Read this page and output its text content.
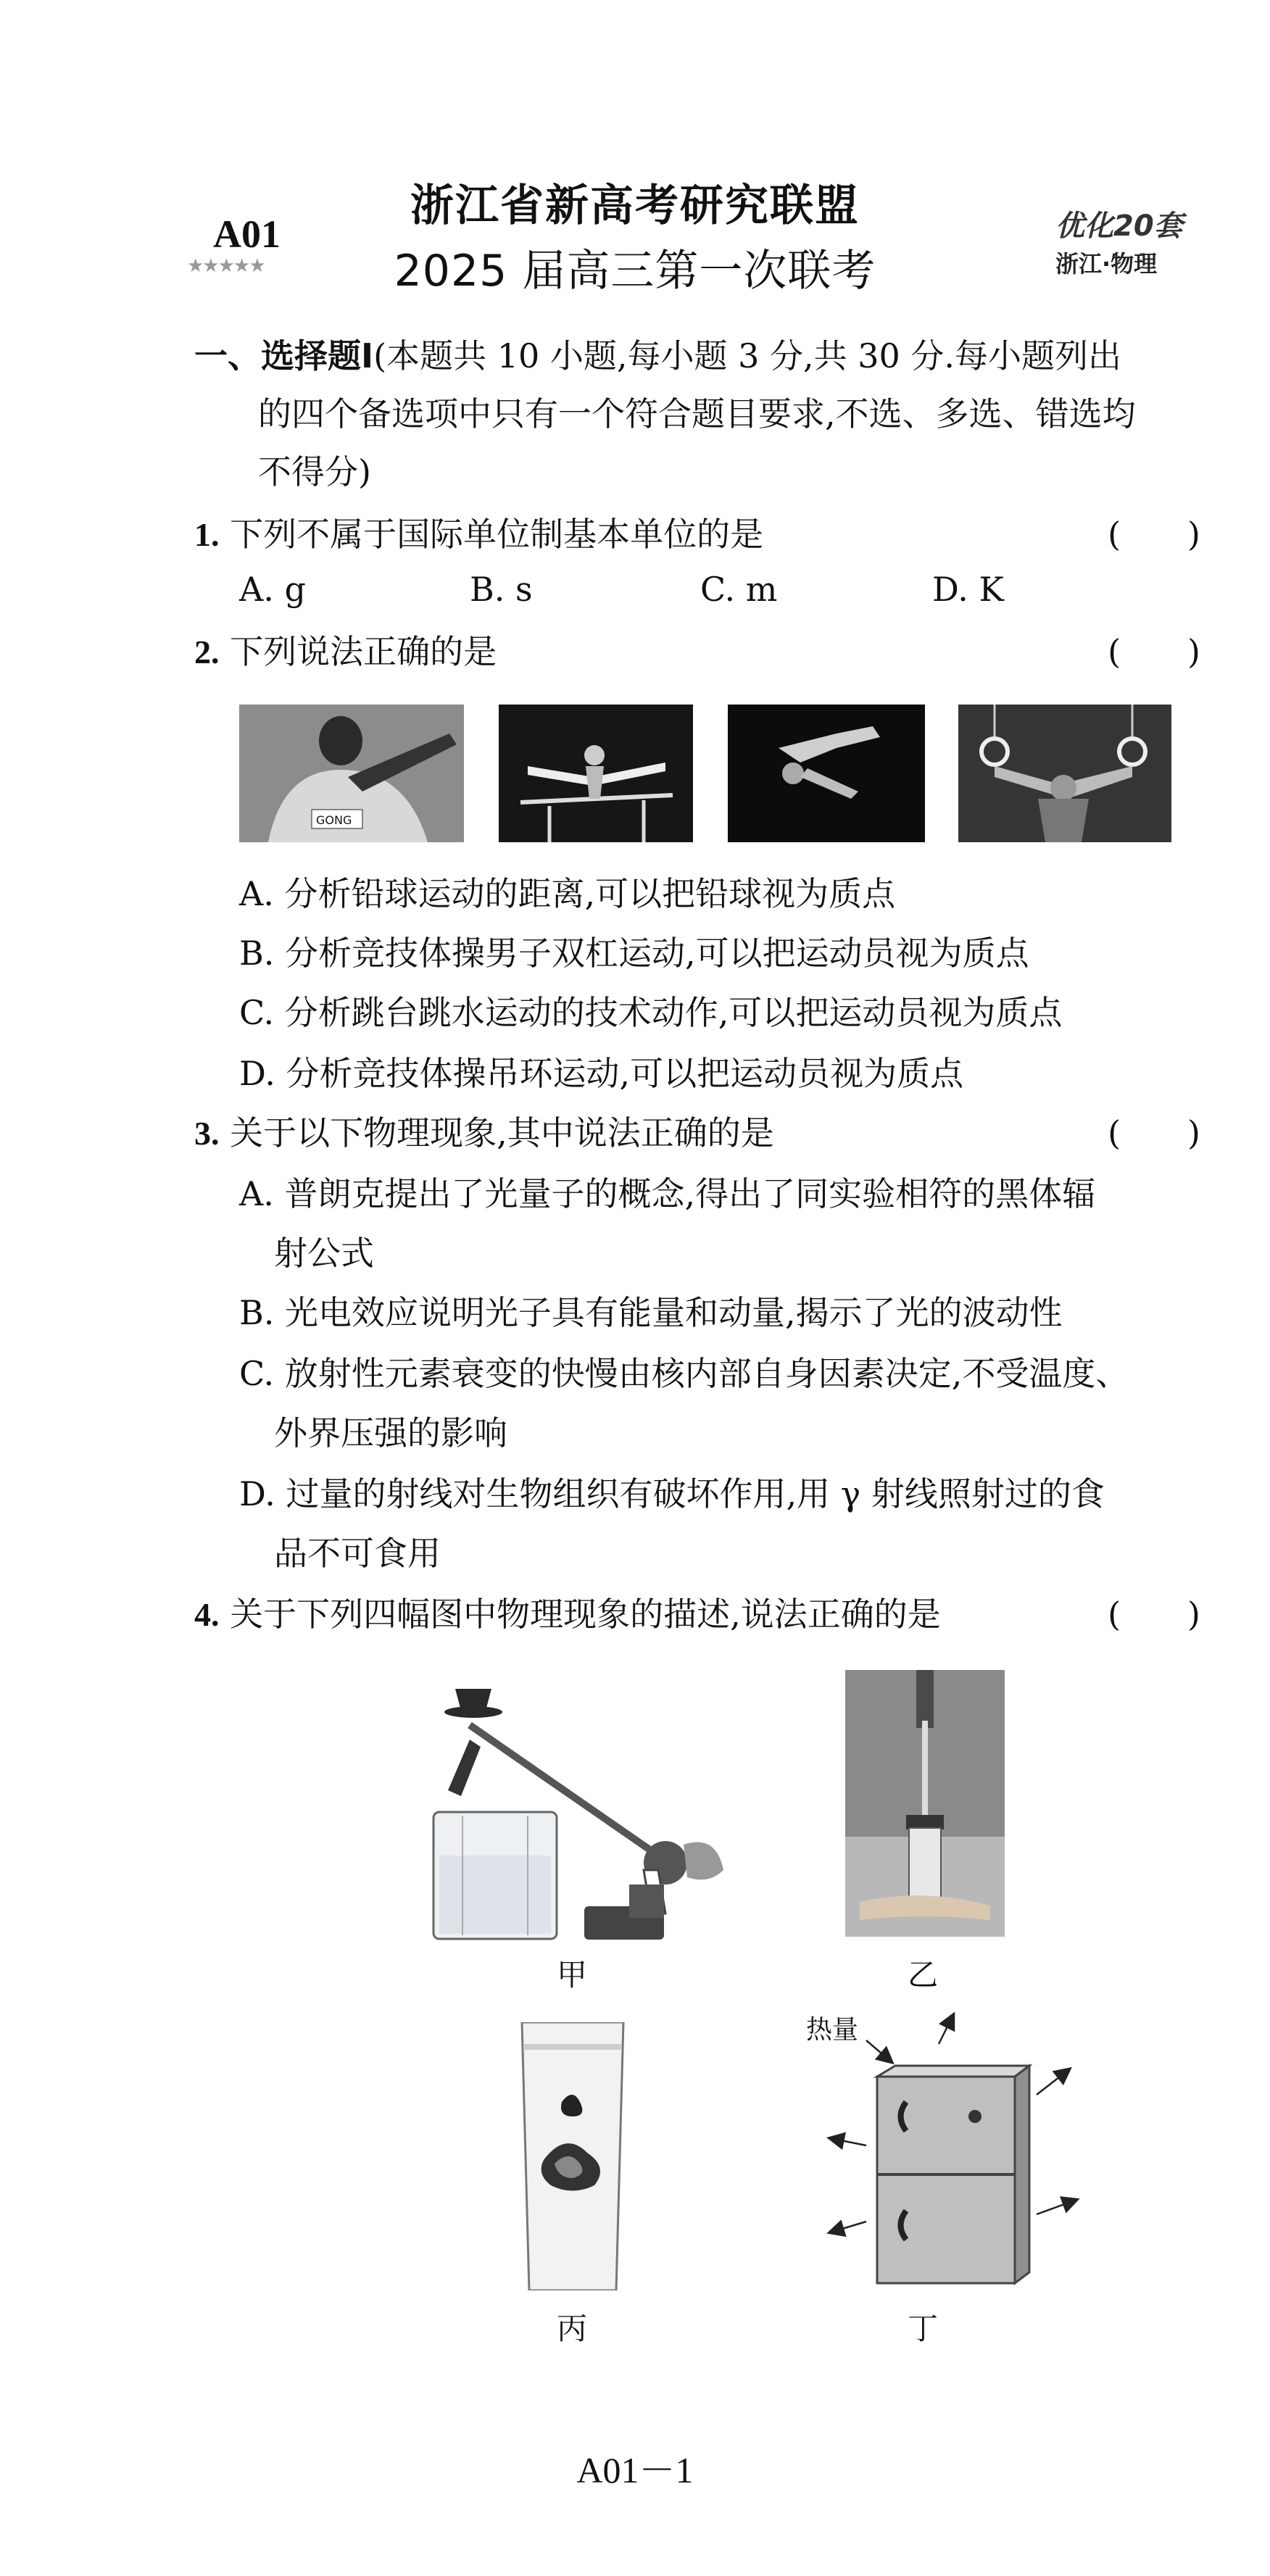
浙江省新高考研究联盟
2025 届高三第一次联考
A01
★★★★★
优化20套
浙江·物理
一、选择题Ⅰ(本题共 10 小题,每小题 3 分,共 30 分.每小题列出
的四个备选项中只有一个符合题目要求,不选、多选、错选均
不得分)
1. 下列不属于国际单位制基本单位的是	(　　)
A. g	B. s	C. m	D. K
2. 下列说法正确的是	(　　)
GONG
A. 分析铅球运动的距离,可以把铅球视为质点
B. 分析竞技体操男子双杠运动,可以把运动员视为质点
C. 分析跳台跳水运动的技术动作,可以把运动员视为质点
D. 分析竞技体操吊环运动,可以把运动员视为质点
3. 关于以下物理现象,其中说法正确的是	(　　)
A. 普朗克提出了光量子的概念,得出了同实验相符的黑体辐
射公式
B. 光电效应说明光子具有能量和动量,揭示了光的波动性
C. 放射性元素衰变的快慢由核内部自身因素决定,不受温度、
外界压强的影响
D. 过量的射线对生物组织有破坏作用,用 γ 射线照射过的食
品不可食用
4. 关于下列四幅图中物理现象的描述,说法正确的是	(　　)
甲	乙
丙
热量
丁
A01－1
